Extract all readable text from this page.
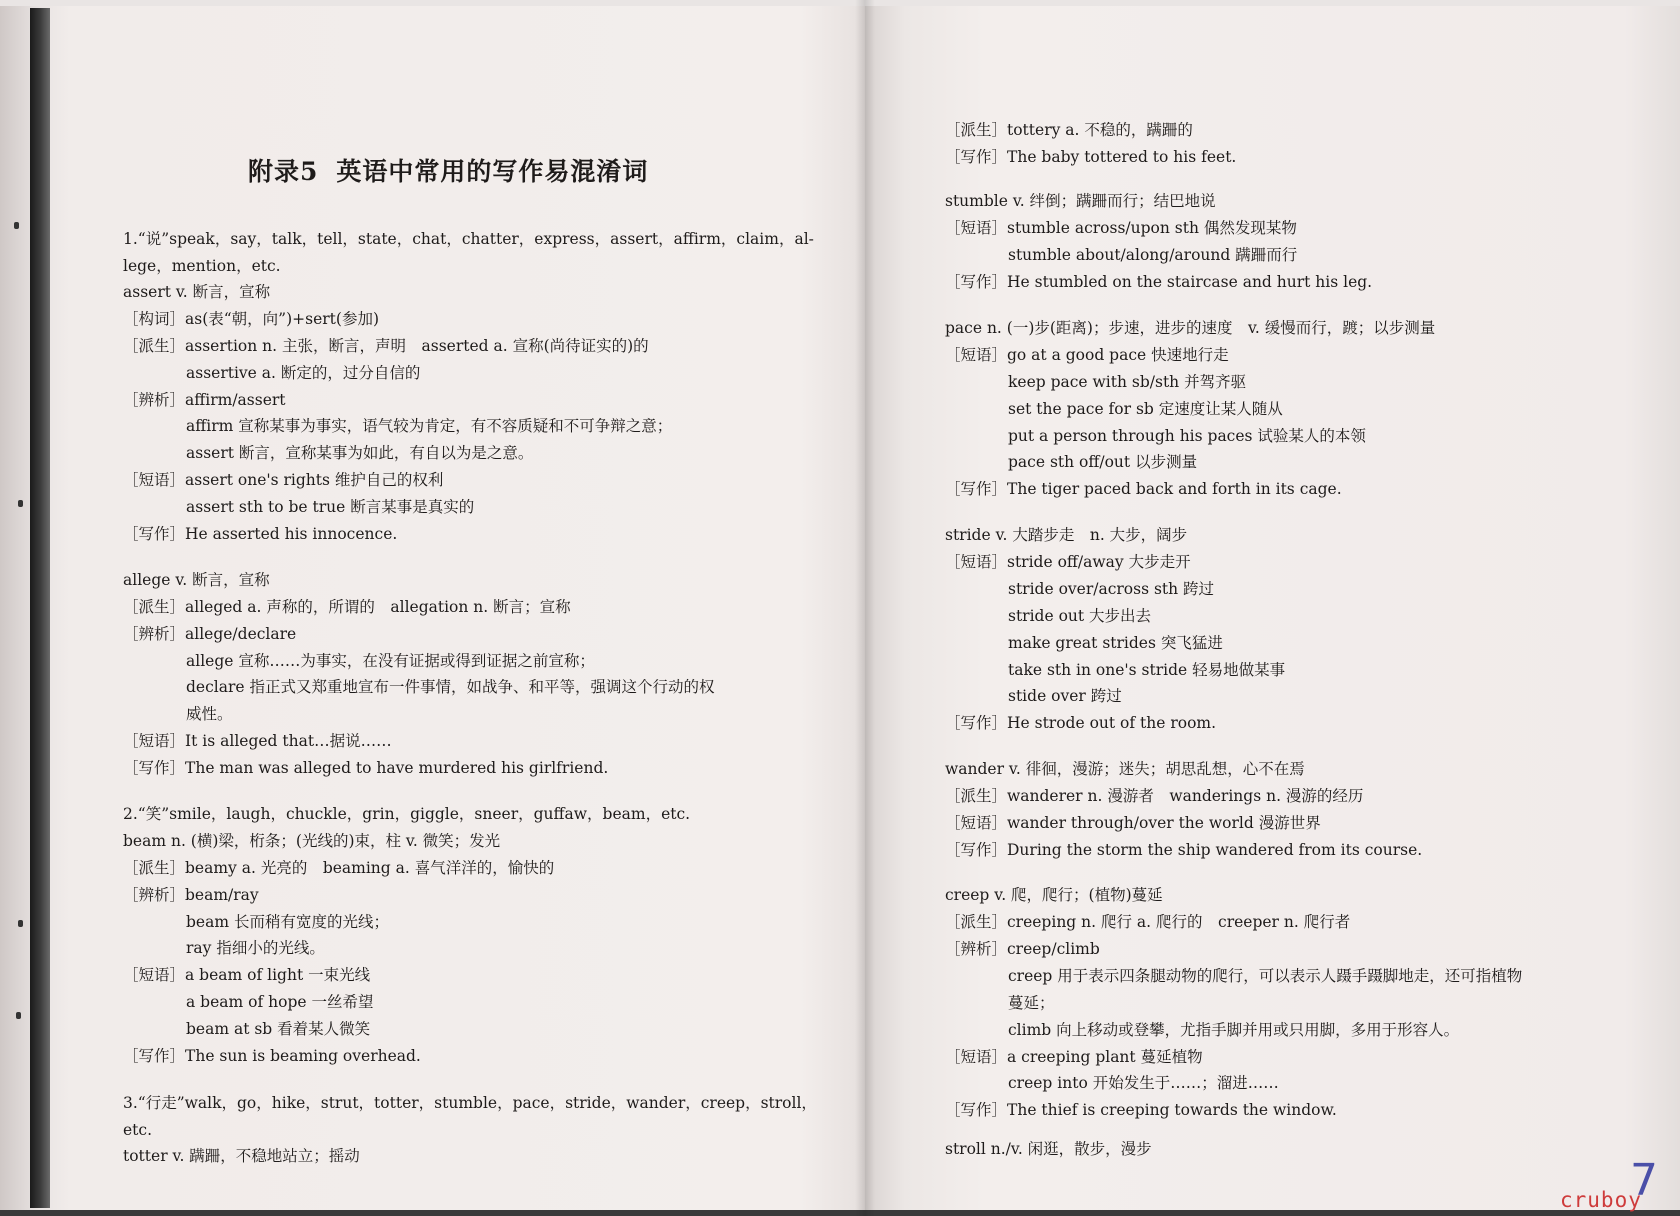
附录5 英语中常用的写作易混淆词
1.“说”speak，say，talk，tell，state，chat，chatter，express，assert，affirm，claim，al-
lege，mention，etc.
assert v. 断言，宣称
［构词］as(表“朝，向”)+sert(参加)
［派生］assertion n. 主张，断言，声明　asserted a. 宣称(尚待证实的)的
assertive a. 断定的，过分自信的
［辨析］affirm/assert
affirm 宣称某事为事实，语气较为肯定，有不容质疑和不可争辩之意；
assert 断言，宣称某事为如此，有自以为是之意。
［短语］assert one's rights 维护自己的权利
assert sth to be true 断言某事是真实的
［写作］He asserted his innocence.
allege v. 断言，宣称
［派生］alleged a. 声称的，所谓的　allegation n. 断言；宣称
［辨析］allege/declare
allege 宣称……为事实，在没有证据或得到证据之前宣称；
declare 指正式又郑重地宣布一件事情，如战争、和平等，强调这个行动的权
威性。
［短语］It is alleged that…据说……
［写作］The man was alleged to have murdered his girlfriend.
2.“笑”smile，laugh，chuckle，grin，giggle，sneer，guffaw，beam，etc.
beam n. (横)梁，桁条；(光线的)束，柱 v. 微笑；发光
［派生］beamy a. 光亮的　beaming a. 喜气洋洋的，愉快的
［辨析］beam/ray
beam 长而稍有宽度的光线；
ray 指细小的光线。
［短语］a beam of light 一束光线
a beam of hope 一丝希望
beam at sb 看着某人微笑
［写作］The sun is beaming overhead.
3.“行走”walk，go，hike，strut，totter，stumble，pace，stride，wander，creep，stroll，
etc.
totter v. 蹒跚，不稳地站立；摇动
［派生］tottery a. 不稳的，蹒跚的
［写作］The baby tottered to his feet.
stumble v. 绊倒；蹒跚而行；结巴地说
［短语］stumble across/upon sth 偶然发现某物
stumble about/along/around 蹒跚而行
［写作］He stumbled on the staircase and hurt his leg.
pace n. (一)步(距离)；步速，进步的速度　v. 缓慢而行，踱；以步测量
［短语］go at a good pace 快速地行走
keep pace with sb/sth 并驾齐驱
set the pace for sb 定速度让某人随从
put a person through his paces 试验某人的本领
pace sth off/out 以步测量
［写作］The tiger paced back and forth in its cage.
stride v. 大踏步走　n. 大步，阔步
［短语］stride off/away 大步走开
stride over/across sth 跨过
stride out 大步出去
make great strides 突飞猛进
take sth in one's stride 轻易地做某事
stide over 跨过
［写作］He strode out of the room.
wander v. 徘徊，漫游；迷失；胡思乱想，心不在焉
［派生］wanderer n. 漫游者　wanderings n. 漫游的经历
［短语］wander through/over the world 漫游世界
［写作］During the storm the ship wandered from its course.
creep v. 爬，爬行；(植物)蔓延
［派生］creeping n. 爬行 a. 爬行的　creeper n. 爬行者
［辨析］creep/climb
creep 用于表示四条腿动物的爬行，可以表示人蹑手蹑脚地走，还可指植物
蔓延；
climb 向上移动或登攀，尤指手脚并用或只用脚，多用于形容人。
［短语］a creeping plant 蔓延植物
creep into 开始发生于……；溜进……
［写作］The thief is creeping towards the window.
stroll n./v. 闲逛，散步，漫步
7
cruboy
